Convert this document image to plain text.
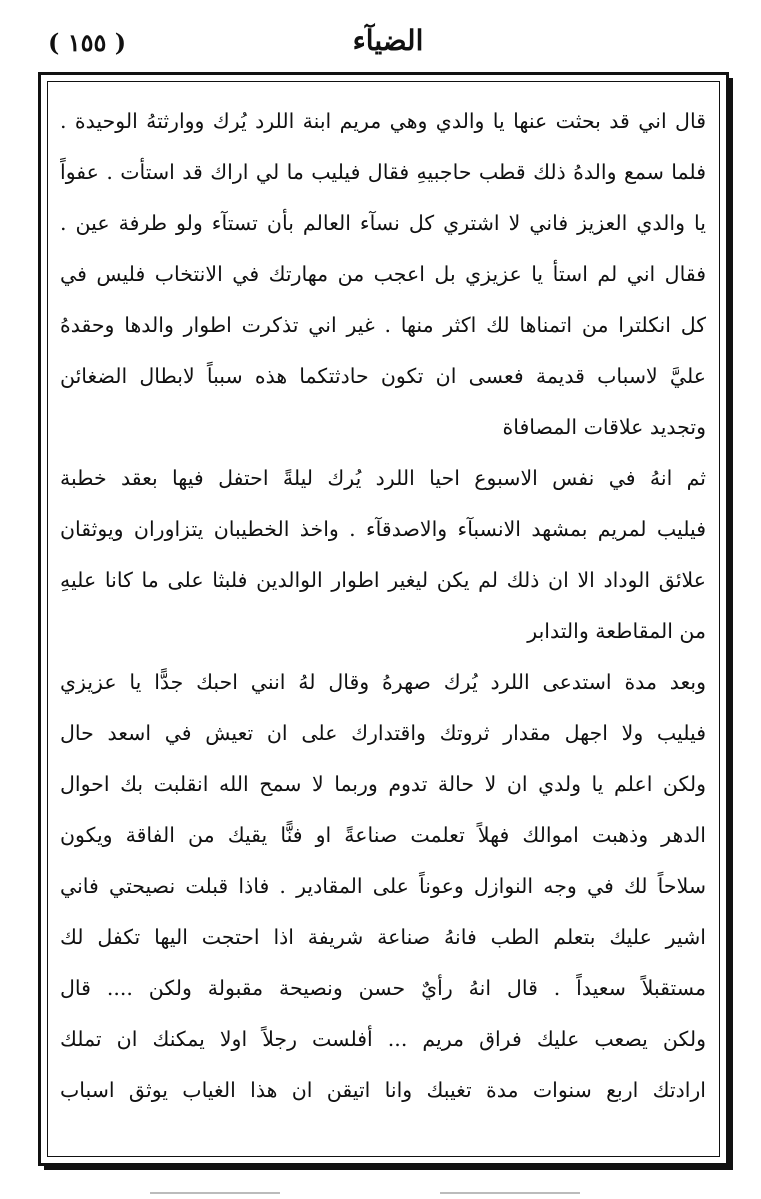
الضيآء
( ١٥٥ )
قال اني قد بحثت عنها يا والدي وهي مريم ابنة اللرد يُرك ووارثتهُ الوحيدة .
فلما سمع والدهُ ذلك قطب حاجبيهِ فقال فيليب ما لي اراك قد استأت . عفواً
يا والدي العزيز فاني لا اشتري كل نسآء العالم بأن تستآء ولو طرفة عين .
فقال اني لم استأ يا عزيزي بل اعجب من مهارتك في الانتخاب فليس في
كل انكلترا من اتمناها لك اكثر منها . غير اني تذكرت اطوار والدها وحقدهُ
عليَّ لاسباب قديمة فعسى ان تكون حادثتكما هذه سبباً لابطال الضغائن
وتجديد علاقات المصافاة
ثم انهُ في نفس الاسبوع احيا اللرد يُرك ليلةً احتفل فيها بعقد خطبة
فيليب لمريم بمشهد الانسبآء والاصدقآء . واخذ الخطيبان يتزاوران ويوثقان
علائق الوداد الا ان ذلك لم يكن ليغير اطوار الوالدين فلبثا على ما كانا عليهِ
من المقاطعة والتدابر
وبعد مدة استدعى اللرد يُرك صهرهُ وقال لهُ انني احبك جدًّا يا عزيزي
فيليب ولا اجهل مقدار ثروتك واقتدارك على ان تعيش في اسعد حال
ولكن اعلم يا ولدي ان لا حالة تدوم وربما لا سمح الله انقلبت بك احوال
الدهر وذهبت اموالك فهلاً تعلمت صناعةً او فنًّا يقيك من الفاقة ويكون
سلاحاً لك في وجه النوازل وعوناً على المقادير . فاذا قبلت نصيحتي فاني
اشير عليك بتعلم الطب فانهُ صناعة شريفة اذا احتجت اليها تكفل لك
مستقبلاً سعيداً . قال انهُ رأيٌ حسن ونصيحة مقبولة ولكن .... قال
ولكن يصعب عليك فراق مريم ... أفلست رجلاً اولا يمكنك ان تملك
ارادتك اربع سنوات مدة تغيبك وانا اتيقن ان هذا الغياب يوثق اسباب
